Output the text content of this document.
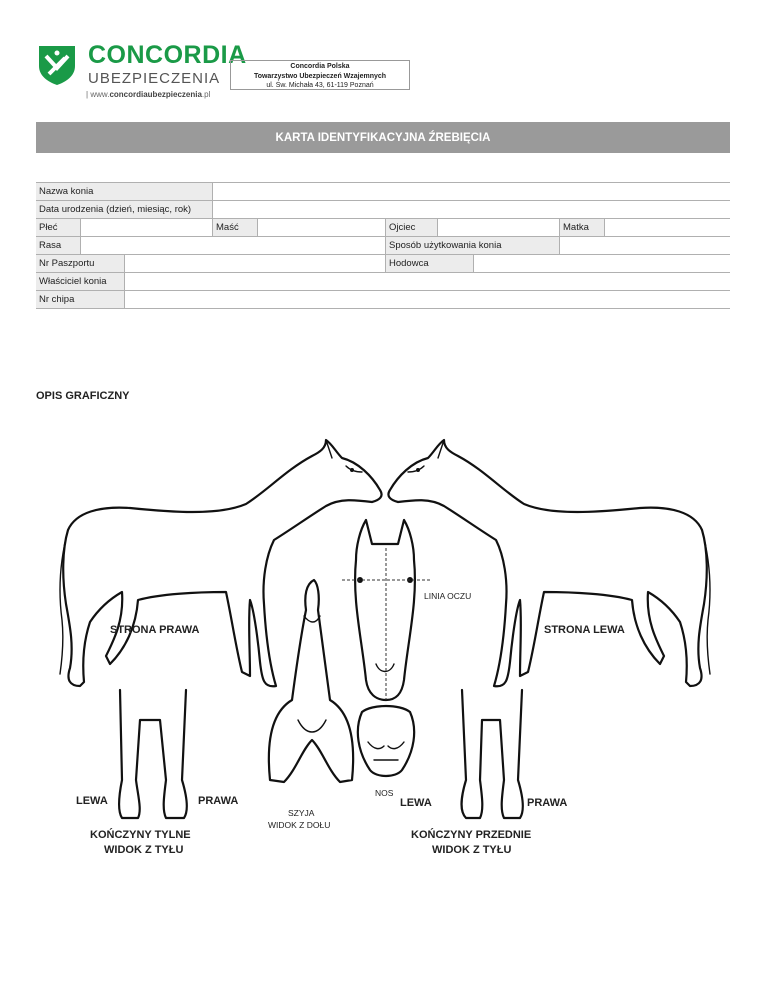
CONCORDIA
UBEZPIECZENIA
| www.concordiaubezpieczenia.pl
Concordia Polska
Towarzystwo Ubezpieczeń Wzajemnych
ul. Św. Michała 43, 61-119 Poznań
KARTA IDENTYFIKACYJNA ŹREBIĘCIA
Nazwa konia
Data urodzenia (dzień, miesiąc, rok)
Płeć	Maść	Ojciec	Matka
Rasa	Sposób użytkowania konia
Nr Paszportu	Hodowca
Właściciel konia
Nr chipa
OPIS GRAFICZNY
LINIA OCZU
STRONA PRAWA	STRONA LEWA
NOS
SZYJA
WIDOK Z DOŁU
LEWA	PRAWA
KOŃCZYNY TYLNE
WIDOK Z TYŁU
LEWA	PRAWA
KOŃCZYNY PRZEDNIE
WIDOK Z TYŁU
